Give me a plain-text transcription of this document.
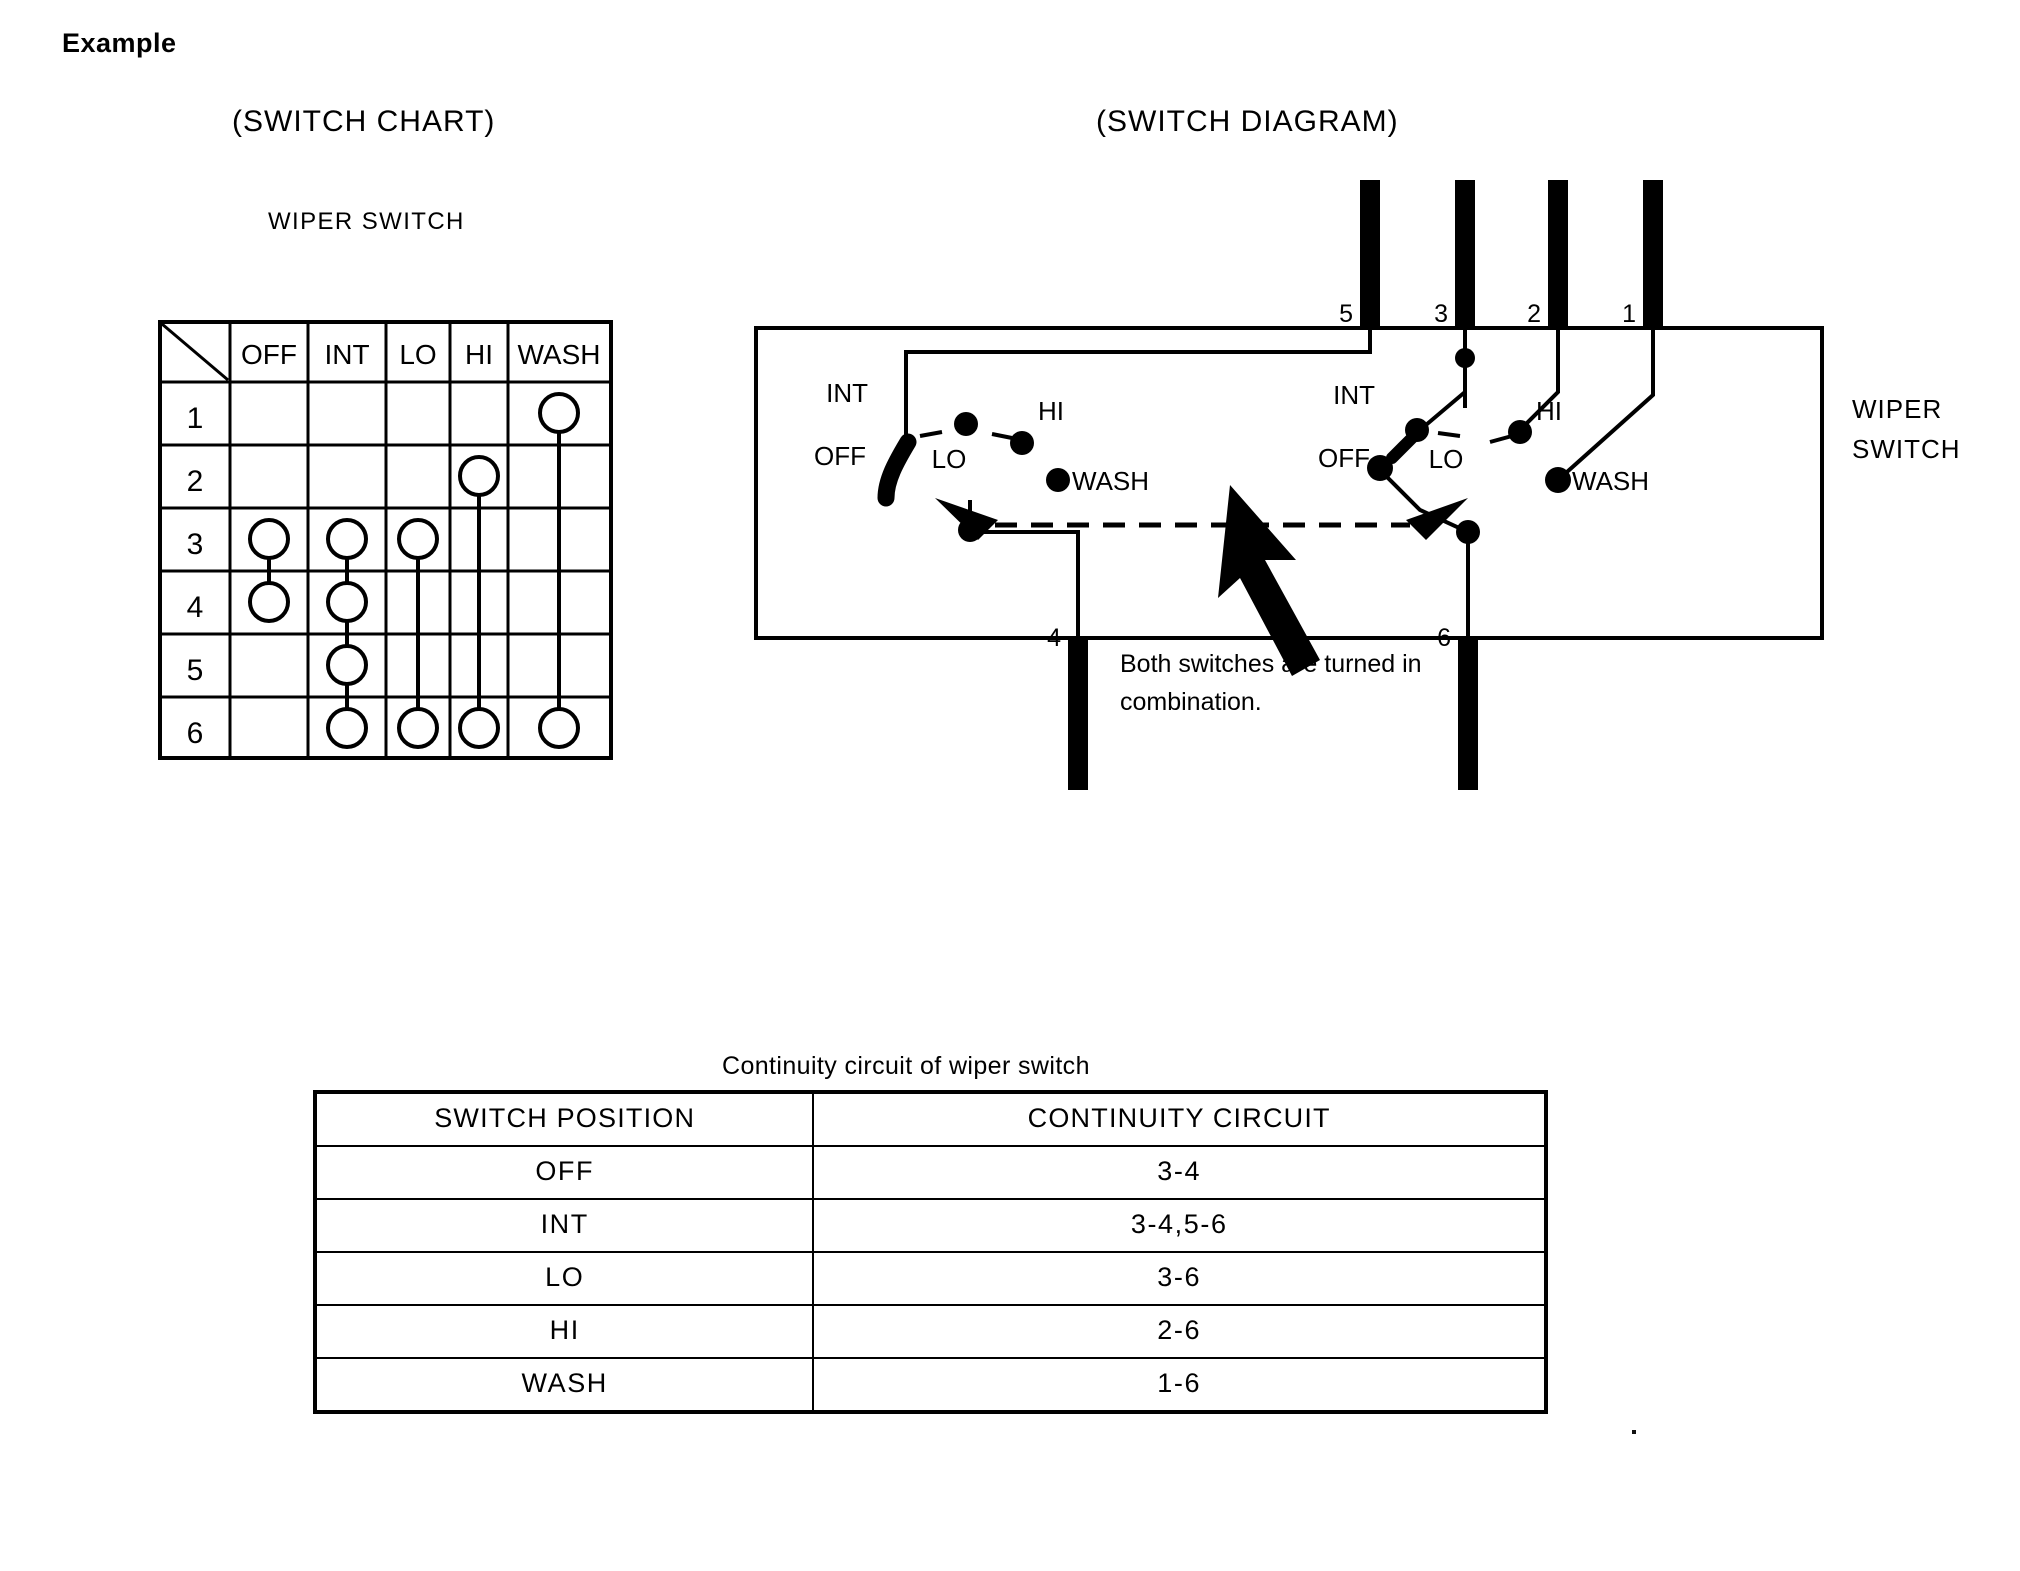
Example
(SWITCH CHART)	(SWITCH DIAGRAM)
WIPER SWITCH
OFF INT LO HI WASH
1
2
3
4
5
6
5	3	2	1
4	6
INT
OFF	LO
HI
WASH
INT
OFF LO
HI
WASH
Both switches are turned in
combination.
WIPER
SWITCH
Continuity circuit of wiper switch
SWITCH POSITION	CONTINUITY CIRCUIT
OFF	3-4
INT	3-4,5-6
LO	3-6
HI	2-6
WASH	1-6
